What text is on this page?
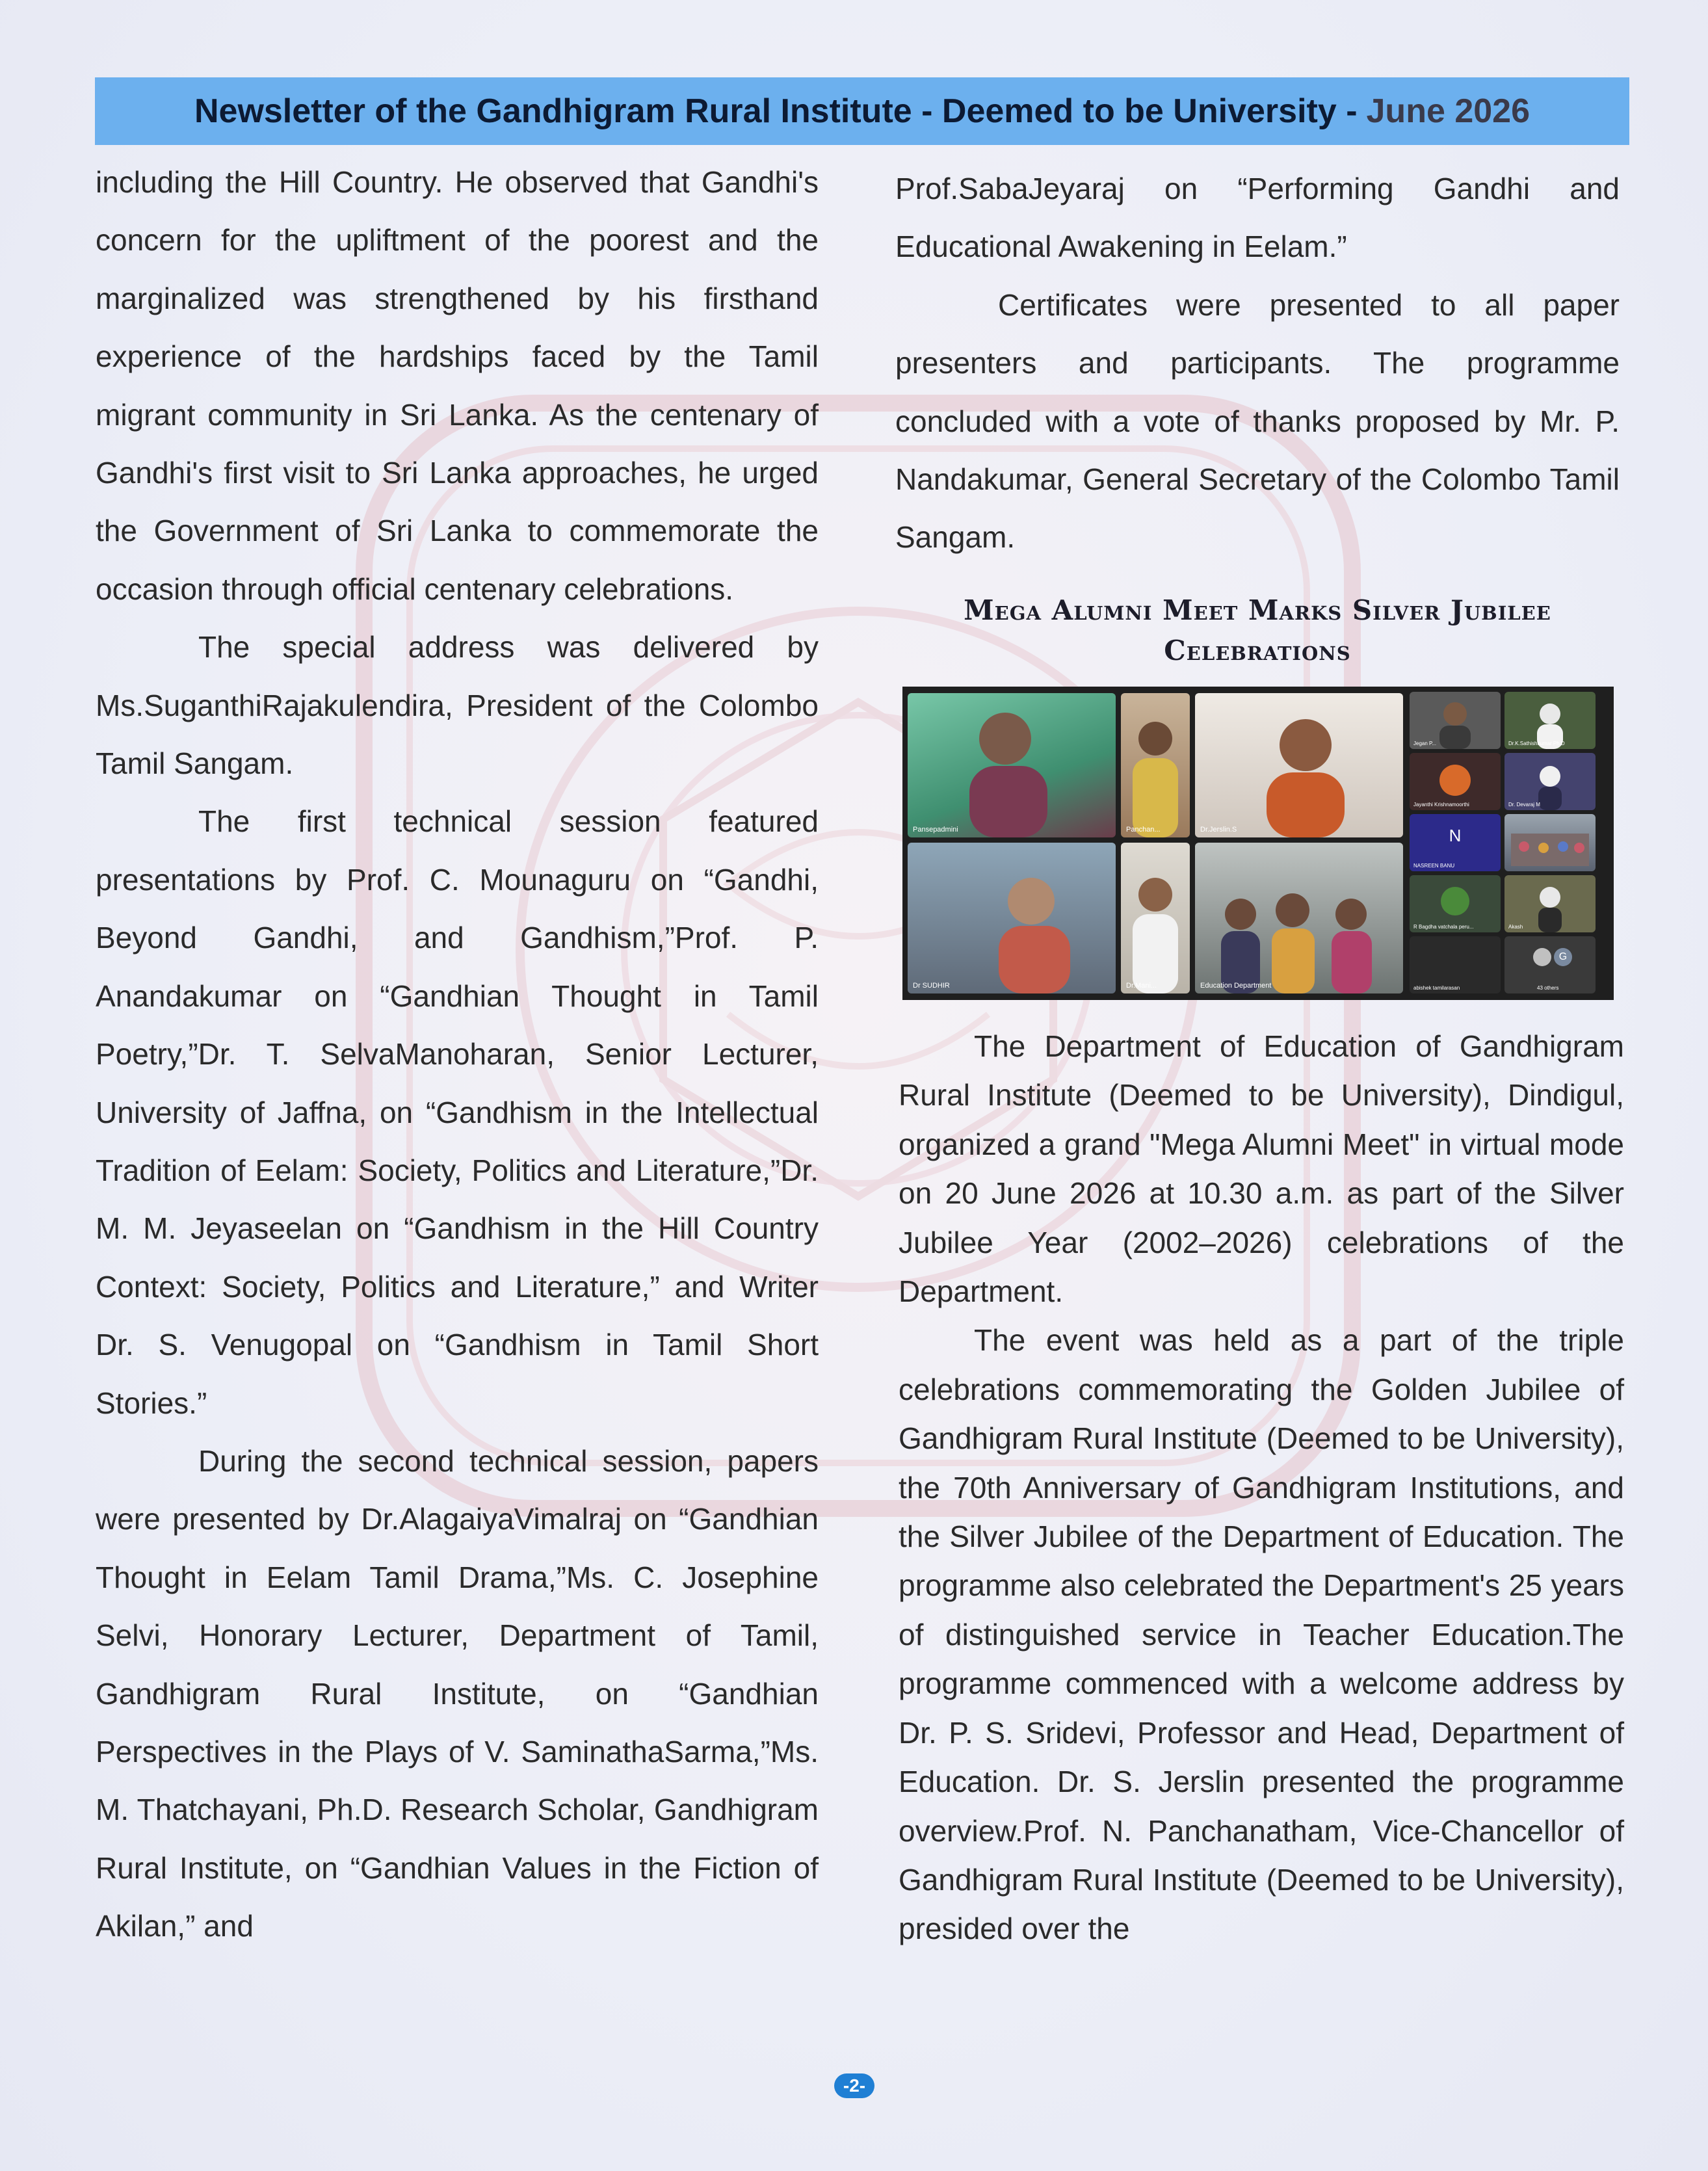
Newsletter of the Gandhigram Rural Institute - Deemed to be University - June 2026

including the Hill Country. He observed that Gandhi's concern for the upliftment of the poorest and the marginalized was strengthened by his firsthand experience of the hardships faced by the Tamil migrant community in Sri Lanka. As the centenary of Gandhi's first visit to Sri Lanka approaches, he urged the Government of Sri Lanka to commemorate the occasion through official centenary celebrations.

The special address was delivered by Ms.SuganthiRajakulendira, President of the Colombo Tamil Sangam.

The first technical session featured presentations by Prof. C. Mounaguru on “Gandhi, Beyond Gandhi, and Gandhism,”Prof. P. Anandakumar on “Gandhian Thought in Tamil Poetry,”Dr. T. SelvaManoharan, Senior Lecturer, University of Jaffna, on “Gandhism in the Intellectual Tradition of Eelam: Society, Politics and Literature,”Dr. M. M. Jeyaseelan on “Gandhism in the Hill Country Context: Society, Politics and Literature,” and Writer Dr. S. Venugopal on “Gandhism in Tamil Short Stories.”

During the second technical session, papers were presented by Dr.AlagaiyaVimalraj on “Gandhian Thought in Eelam Tamil Drama,”Ms. C. Josephine Selvi, Honorary Lecturer, Department of Tamil, Gandhigram Rural Institute, on “Gandhian Perspectives in the Plays of V. SaminathaSarma,”Ms. M. Thatchayani, Ph.D. Research Scholar, Gandhigram Rural Institute, on “Gandhian Values in the Fiction of Akilan,” and

Prof.SabaJeyaraj on “Performing Gandhi and Educational Awakening in Eelam.”

Certificates were presented to all paper presenters and participants. The programme concluded with a vote of thanks proposed by Mr. P. Nandakumar, General Secretary of the Colombo Tamil Sangam.

Mega Alumni Meet Marks Silver Jubilee Celebrations
Pansepadmini	Panchan...	Dr.Jerslin.S
Dr SUDHIR	Dr.Mani...	Education Department
Jegan P...	Dr.K.Sathishkumar Ph.D
Jayanthi Krishnamoorthi	Dr. Devaraj M
N
NASREEN BANU
R Bagdha vatchala peru...	Akash
abishek tamilarasan
G
43 others

The Department of Education of Gandhigram Rural Institute (Deemed to be University), Dindigul, organized a grand "Mega Alumni Meet" in virtual mode on 20 June 2026 at 10.30 a.m. as part of the Silver Jubilee Year (2002–2026) celebrations of the Department.

The event was held as a part of the triple celebrations commemorating the Golden Jubilee of Gandhigram Rural Institute (Deemed to be University), the 70th Anniversary of Gandhigram Institutions, and the Silver Jubilee of the Department of Education. The programme also celebrated the Department's 25 years of distinguished service in Teacher Education.The programme commenced with a welcome address by Dr. P. S. Sridevi, Professor and Head, Department of Education. Dr. S. Jerslin presented the programme overview.Prof. N. Panchanatham, Vice-Chancellor of Gandhigram Rural Institute (Deemed to be University), presided over the

-2-
